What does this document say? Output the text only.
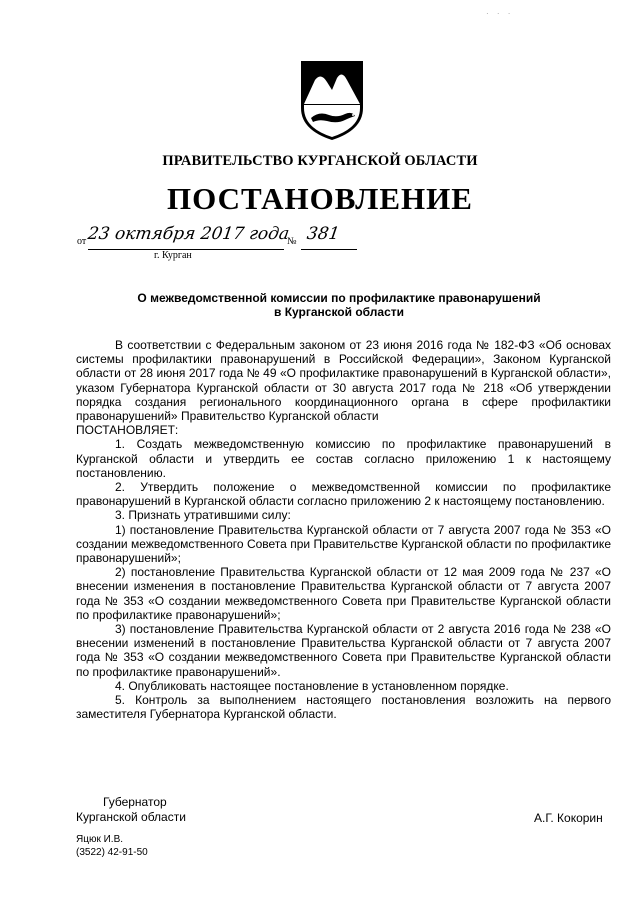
· · ·
ПРАВИТЕЛЬСТВО КУРГАНСКОЙ ОБЛАСТИ
ПОСТАНОВЛЕНИЕ
от 23 октября 2017 года
№ 381
г. Курган
О межведомственной комиссии по профилактике правонарушений
в Курганской области

В соответствии с Федеральным законом от 23 июня 2016 года № 182-ФЗ «Об основах системы профилактики правонарушений в Российской Федерации», Законом Курганской области от 28 июня 2017 года № 49 «О профилактике правонарушений в Курганской области», указом Губернатора Курганской области от 30 августа 2017 года № 218 «Об утверждении порядка создания регионального координационного органа в сфере профилактики правонарушений» Правительство Курганской области

ПОСТАНОВЛЯЕТ:

1. Создать межведомственную комиссию по профилактике правонарушений в Курганской области и утвердить ее состав согласно приложению 1 к настоящему постановлению.

2. Утвердить положение о межведомственной комиссии по профилактике правонарушений в Курганской области согласно приложению 2 к настоящему постановлению.

3. Признать утратившими силу:

1) постановление Правительства Курганской области от 7 августа 2007 года № 353 «О создании межведомственного Совета при Правительстве Курганской области по профилактике правонарушений»;

2) постановление Правительства Курганской области от 12 мая 2009 года № 237 «О внесении изменения в постановление Правительства Курганской области от 7 августа 2007 года № 353 «О создании межведомственного Совета при Правительстве Курганской области по профилактике правонарушений»;

3) постановление Правительства Курганской области от 2 августа 2016 года № 238 «О внесении изменений в постановление Правительства Курганской области от 7 августа 2007 года № 353 «О создании межведомственного Совета при Правительстве Курганской области по профилактике правонарушений».

4. Опубликовать настоящее постановление в установленном порядке.

5. Контроль за выполнением настоящего постановления возложить на первого заместителя Губернатора Курганской области.

Губернатор
Курганской области	А.Г. Кокорин
Яцюк И.В.
(3522) 42-91-50
